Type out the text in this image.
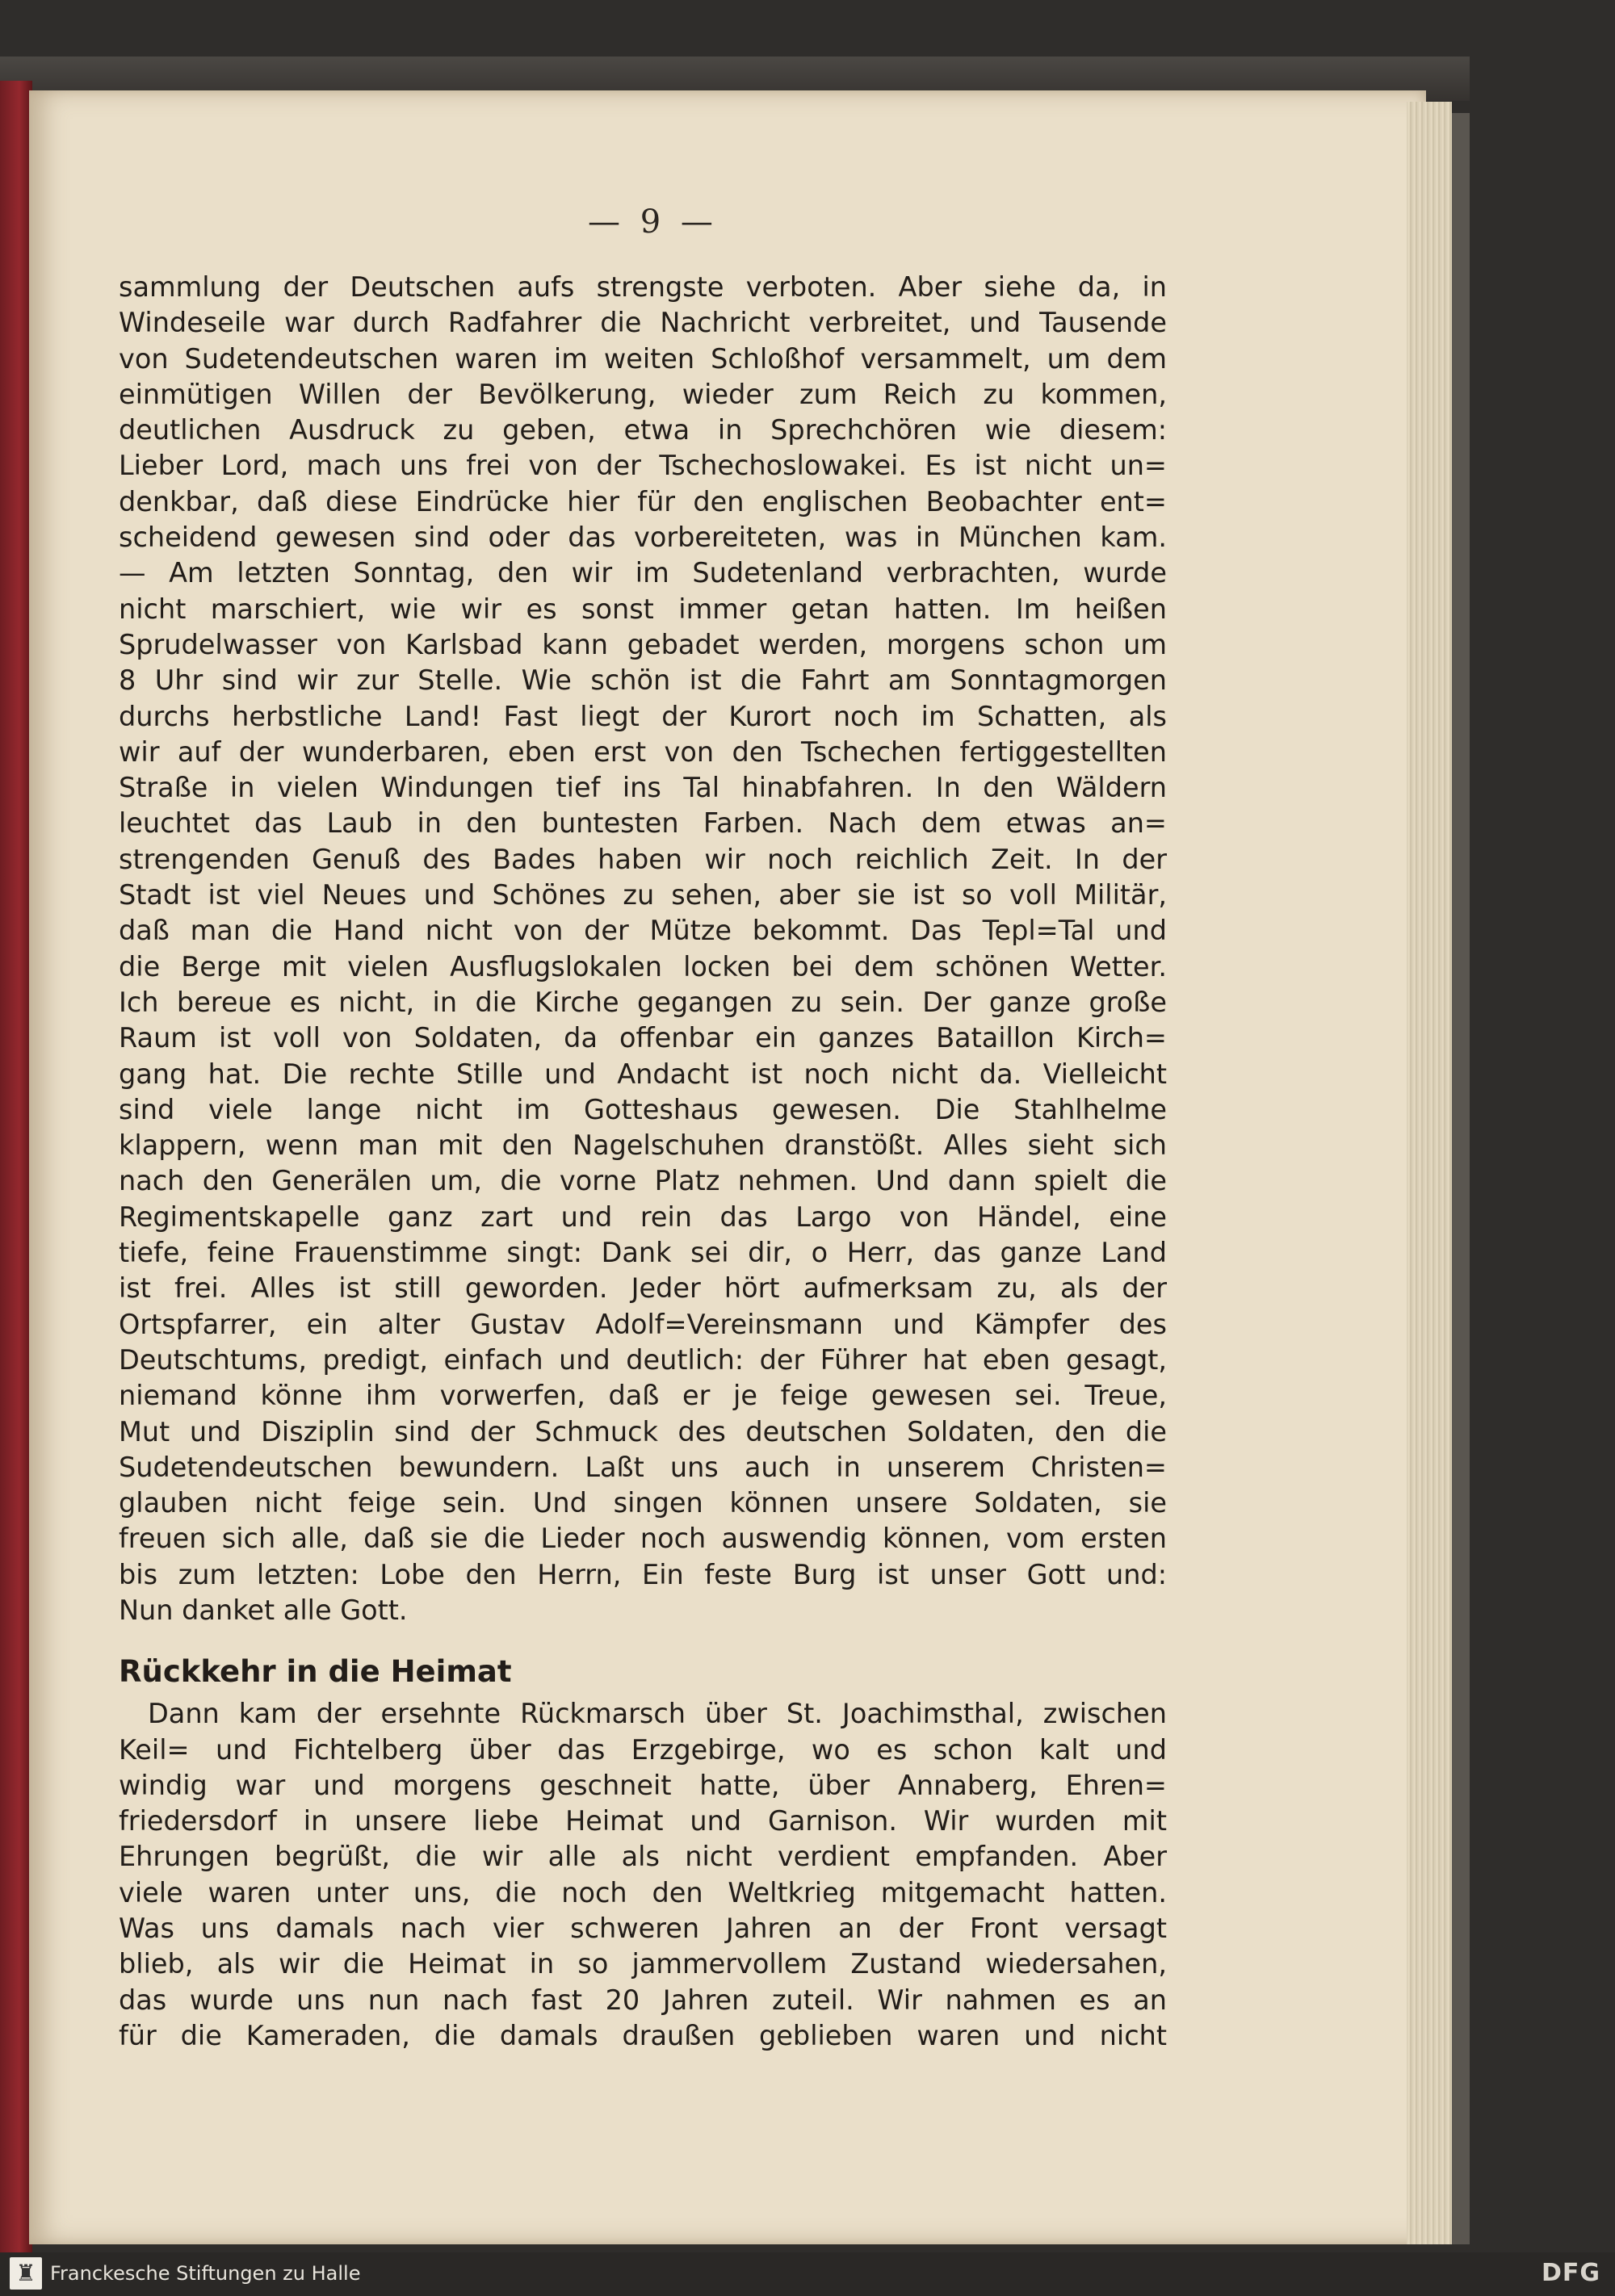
— 9 —
sammlung der Deutschen aufs strengste verboten. Aber siehe da, in
Windeseile war durch Radfahrer die Nachricht verbreitet, und Tausende
von Sudetendeutschen waren im weiten Schloßhof versammelt, um dem
einmütigen Willen der Bevölkerung, wieder zum Reich zu kommen,
deutlichen Ausdruck zu geben, etwa in Sprechchören wie diesem:
Lieber Lord, mach uns frei von der Tschechoslowakei. Es ist nicht un=
denkbar, daß diese Eindrücke hier für den englischen Beobachter ent=
scheidend gewesen sind oder das vorbereiteten, was in München kam.
— Am letzten Sonntag, den wir im Sudetenland verbrachten, wurde
nicht marschiert, wie wir es sonst immer getan hatten. Im heißen
Sprudelwasser von Karlsbad kann gebadet werden, morgens schon um
8 Uhr sind wir zur Stelle. Wie schön ist die Fahrt am Sonntagmorgen
durchs herbstliche Land! Fast liegt der Kurort noch im Schatten, als
wir auf der wunderbaren, eben erst von den Tschechen fertiggestellten
Straße in vielen Windungen tief ins Tal hinabfahren. In den Wäldern
leuchtet das Laub in den buntesten Farben. Nach dem etwas an=
strengenden Genuß des Bades haben wir noch reichlich Zeit. In der
Stadt ist viel Neues und Schönes zu sehen, aber sie ist so voll Militär,
daß man die Hand nicht von der Mütze bekommt. Das Tepl=Tal und
die Berge mit vielen Ausflugslokalen locken bei dem schönen Wetter.
Ich bereue es nicht, in die Kirche gegangen zu sein. Der ganze große
Raum ist voll von Soldaten, da offenbar ein ganzes Bataillon Kirch=
gang hat. Die rechte Stille und Andacht ist noch nicht da. Vielleicht
sind viele lange nicht im Gotteshaus gewesen. Die Stahlhelme
klappern, wenn man mit den Nagelschuhen dranstößt. Alles sieht sich
nach den Generälen um, die vorne Platz nehmen. Und dann spielt die
Regimentskapelle ganz zart und rein das Largo von Händel, eine
tiefe, feine Frauenstimme singt: Dank sei dir, o Herr, das ganze Land
ist frei. Alles ist still geworden. Jeder hört aufmerksam zu, als der
Ortspfarrer, ein alter Gustav Adolf=Vereinsmann und Kämpfer des
Deutschtums, predigt, einfach und deutlich: der Führer hat eben gesagt,
niemand könne ihm vorwerfen, daß er je feige gewesen sei. Treue,
Mut und Disziplin sind der Schmuck des deutschen Soldaten, den die
Sudetendeutschen bewundern. Laßt uns auch in unserem Christen=
glauben nicht feige sein. Und singen können unsere Soldaten, sie
freuen sich alle, daß sie die Lieder noch auswendig können, vom ersten
bis zum letzten: Lobe den Herrn, Ein feste Burg ist unser Gott und:
Nun danket alle Gott.
Rückkehr in die Heimat
Dann kam der ersehnte Rückmarsch über St. Joachimsthal, zwischen
Keil= und Fichtelberg über das Erzgebirge, wo es schon kalt und
windig war und morgens geschneit hatte, über Annaberg, Ehren=
friedersdorf in unsere liebe Heimat und Garnison. Wir wurden mit
Ehrungen begrüßt, die wir alle als nicht verdient empfanden. Aber
viele waren unter uns, die noch den Weltkrieg mitgemacht hatten.
Was uns damals nach vier schweren Jahren an der Front versagt
blieb, als wir die Heimat in so jammervollem Zustand wiedersahen,
das wurde uns nun nach fast 20 Jahren zuteil. Wir nahmen es an
für die Kameraden, die damals draußen geblieben waren und nicht
♜ Franckesche Stiftungen zu Halle	DFG
